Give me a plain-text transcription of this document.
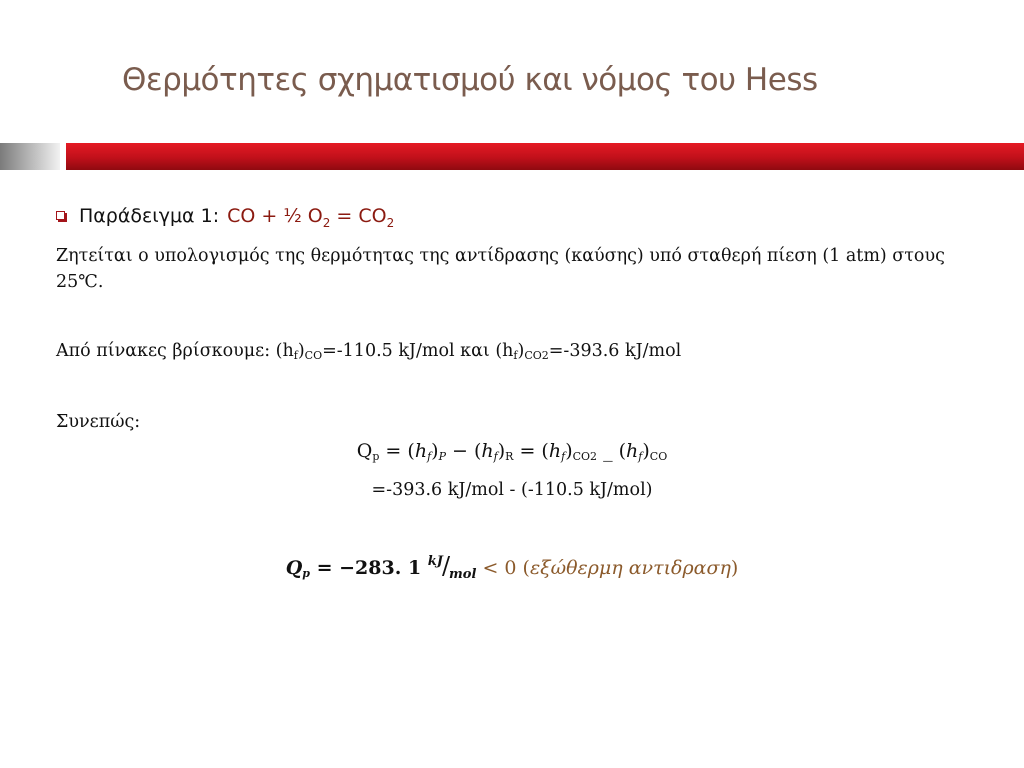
Θερμότητες σχηματισμού και νόμος του Hess
Παράδειγμα 1: CO + ½ $O_2 = CO_2$
Ζητείται ο υπολογισμός της θερμότητας της αντίδρασης (καύσης) υπό σταθερή πίεση (1 atm) στους 25℃.
Από πίνακες βρίσκουμε: (hf)CO=-110.5 kJ/mol και (hf)CO2=-393.6 kJ/mol
Συνεπώς:
Qp = (hf)P − (hf)R = (hf)CO2 _ (hf)CO
=-393.6 kJ/mol - (-110.5 kJ/mol)
Qp = −283. 1 $^{kJ}/_{mol} < 0$ (εξώθερμη αντιδραση)
